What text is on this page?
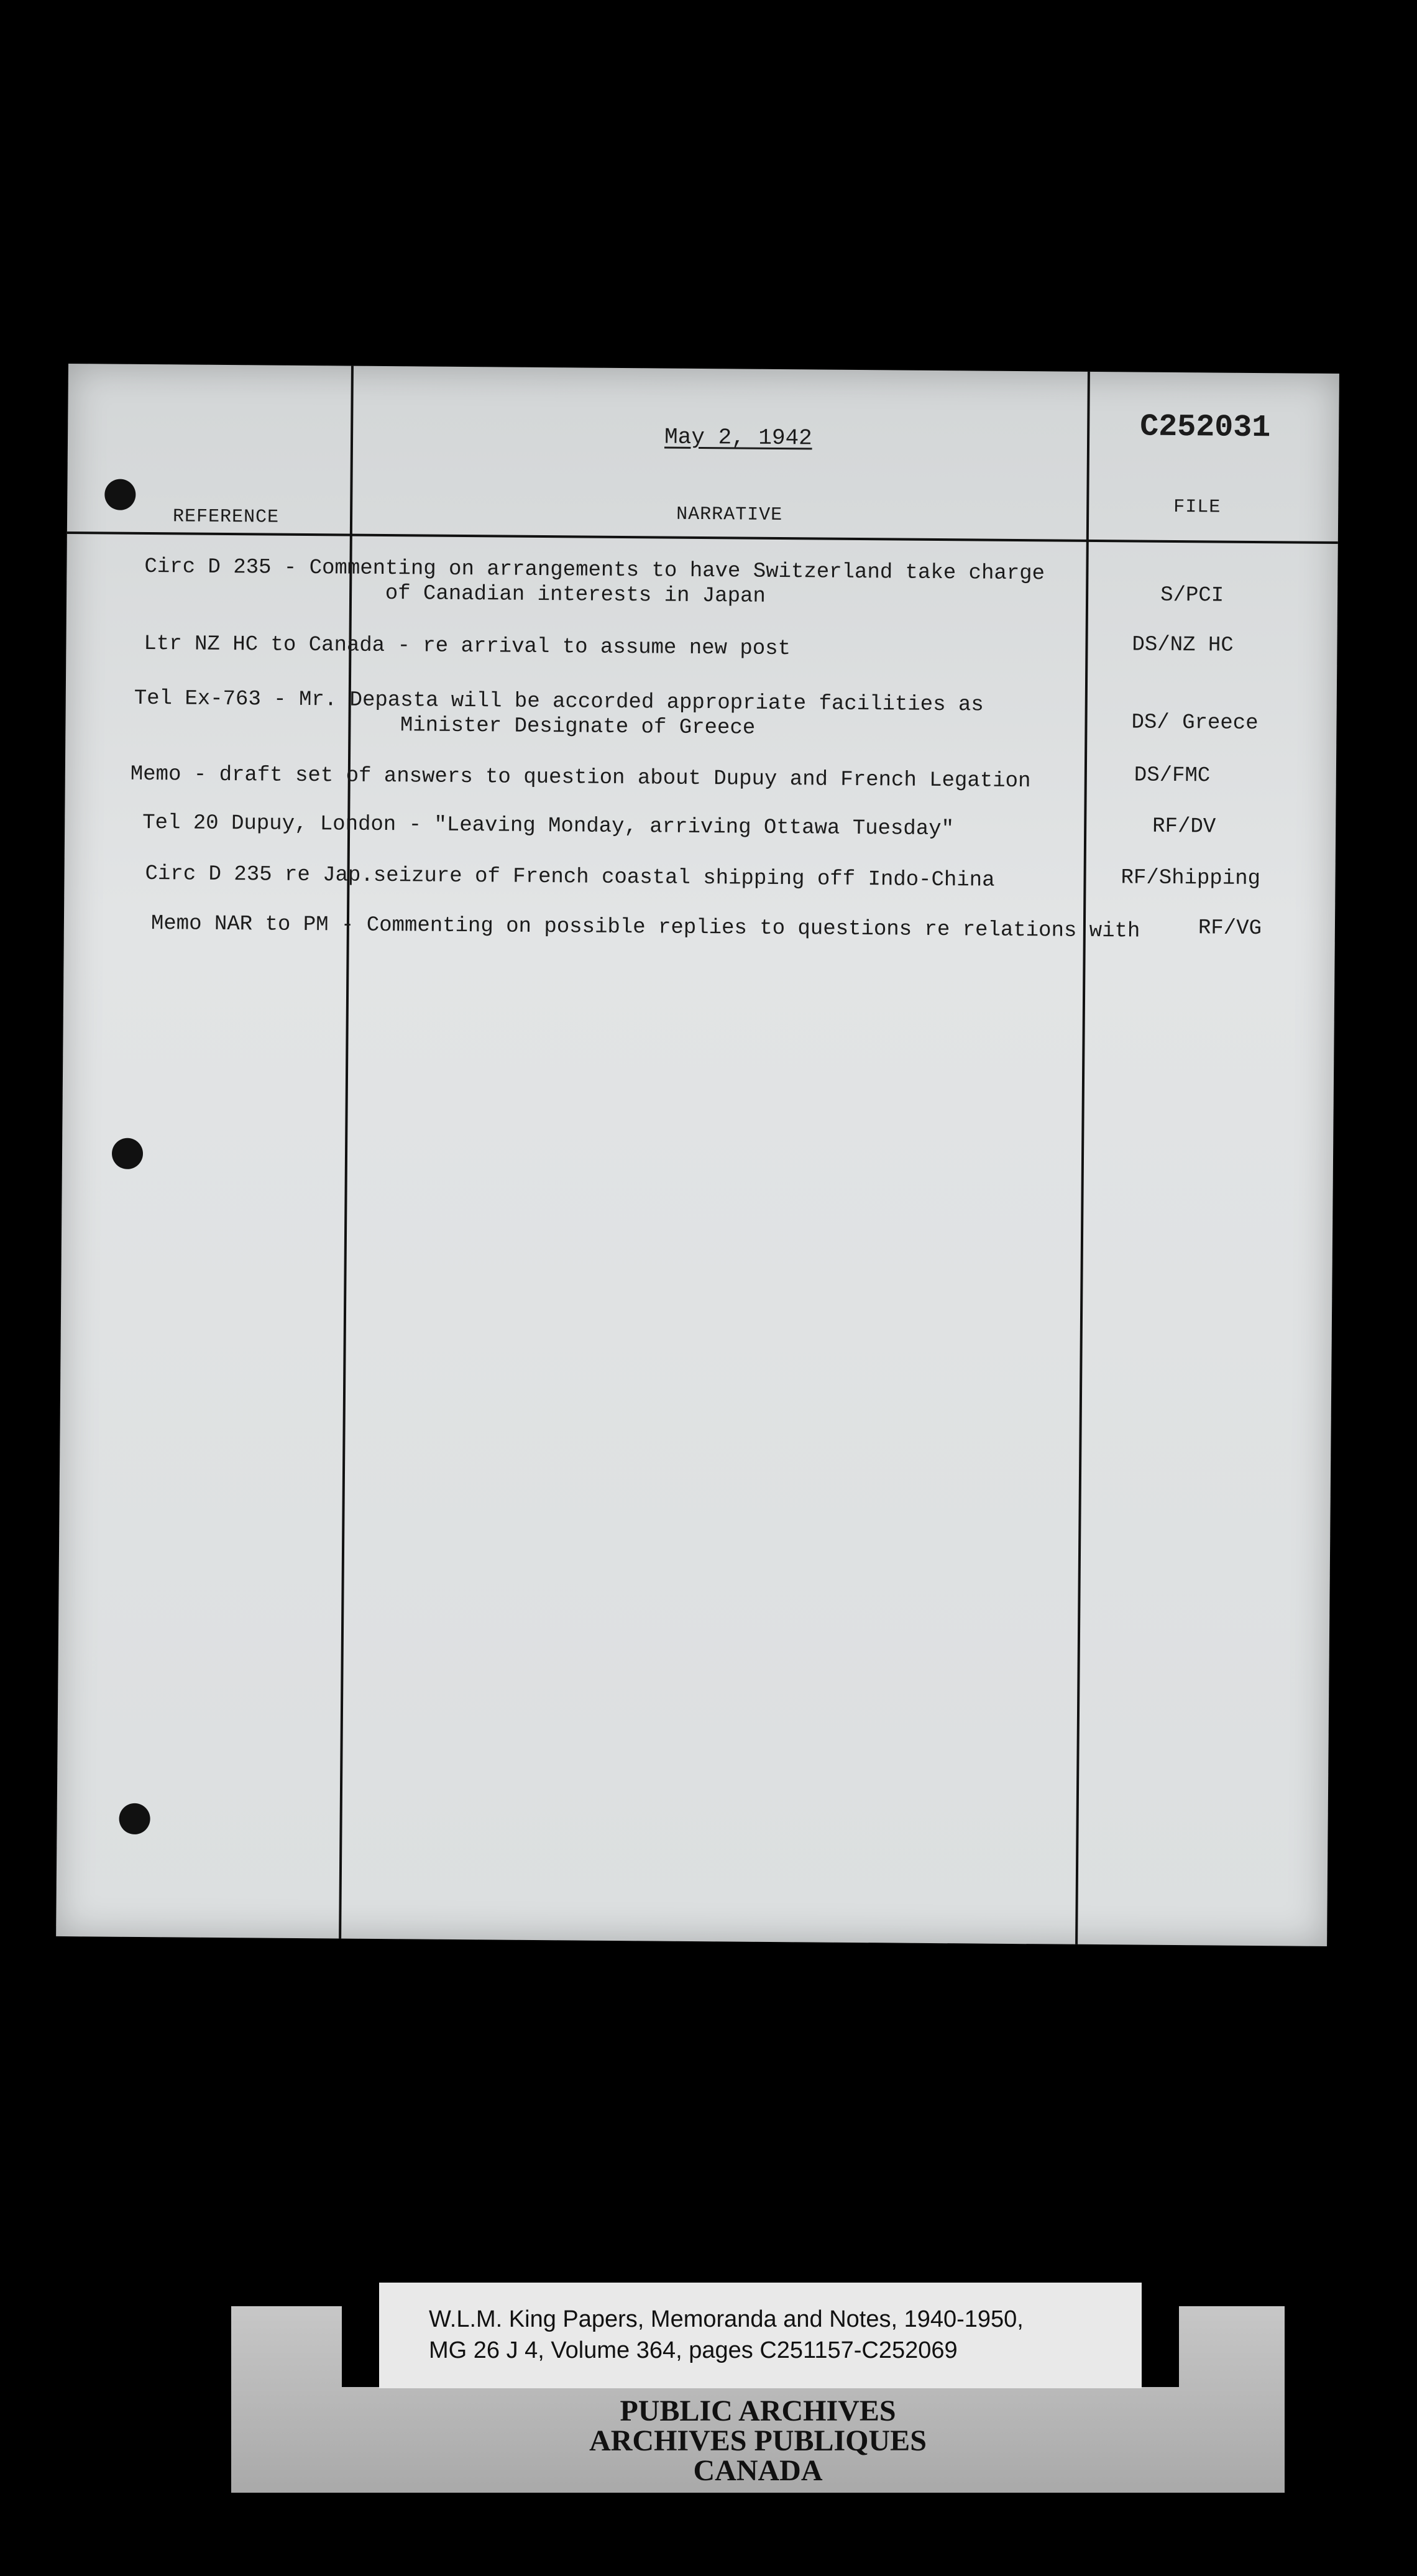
May 2, 1942	C252031
REFERENCE	NARRATIVE	FILE
Circ D 235 - Commenting on arrangements to have Switzerland take charge
of Canadian interests in Japan	S/PCI
Ltr NZ HC to Canada - re arrival to assume new post	DS/NZ HC
Tel Ex-763 - Mr. Depasta will be accorded appropriate facilities as
Minister Designate of Greece	DS/ Greece
Memo - draft set of answers to question about Dupuy and French Legation	DS/FMC
Tel 20 Dupuy, London - "Leaving Monday, arriving Ottawa Tuesday"	RF/DV
Circ D 235 re Jap.seizure of French coastal shipping off Indo-China	RF/Shipping
Memo NAR to PM - Commenting on possible replies to questions re relations with	RF/VG
W.L.M. King Papers, Memoranda and Notes, 1940-1950,
MG 26 J 4, Volume 364, pages C251157-C252069
PUBLIC ARCHIVES
ARCHIVES PUBLIQUES
CANADA
